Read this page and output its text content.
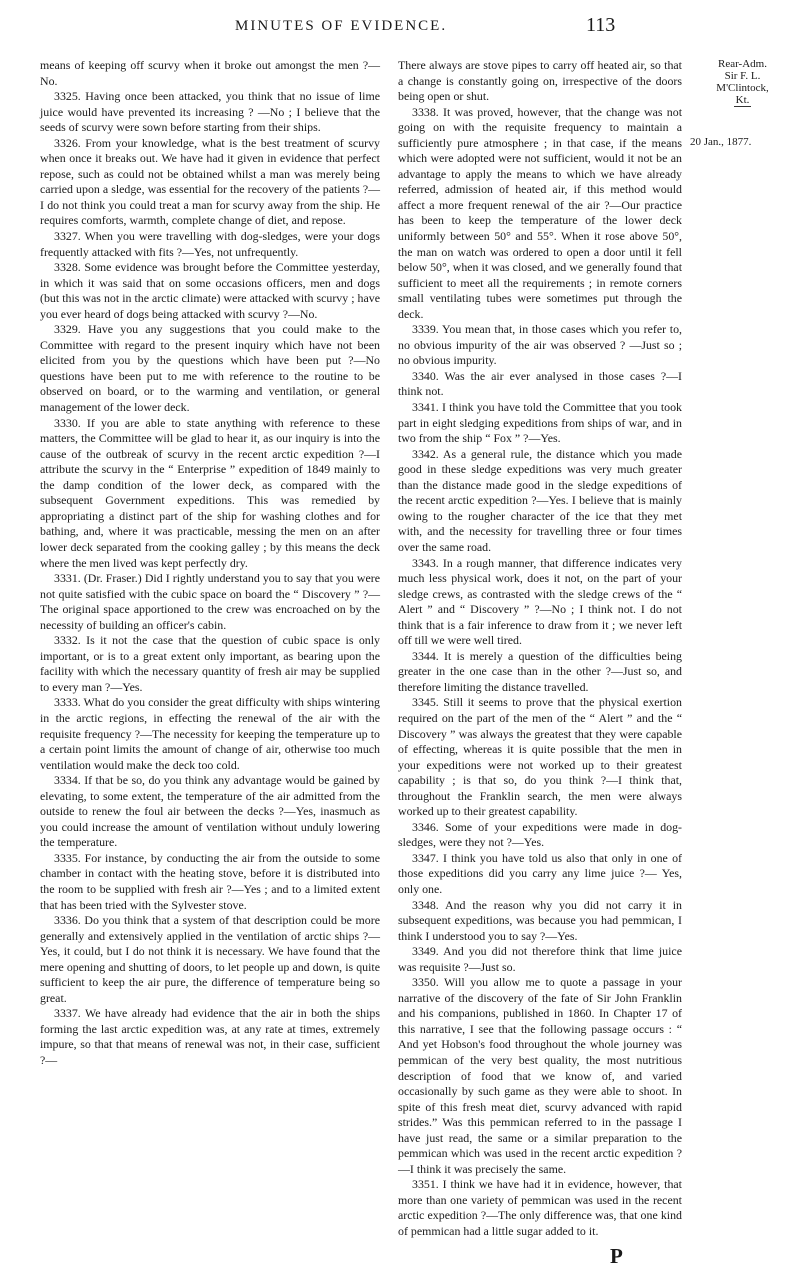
MINUTES OF EVIDENCE.	113

means of keeping off scurvy when it broke out amongst the men ?—No.

3325. Having once been attacked, you think that no issue of lime juice would have prevented its increasing ? —No ; I believe that the seeds of scurvy were sown before starting from their ships.

3326. From your knowledge, what is the best treatment of scurvy when once it breaks out. We have had it given in evidence that perfect repose, such as could not be obtained whilst a man was merely being carried upon a sledge, was essential for the recovery of the patients ?—I do not think you could treat a man for scurvy away from the ship. He requires comforts, warmth, complete change of diet, and repose.

3327. When you were travelling with dog-sledges, were your dogs frequently attacked with fits ?—Yes, not unfrequently.

3328. Some evidence was brought before the Committee yesterday, in which it was said that on some occasions officers, men and dogs (but this was not in the arctic climate) were attacked with scurvy ; have you ever heard of dogs being attacked with scurvy ?—No.

3329. Have you any suggestions that you could make to the Committee with regard to the present inquiry which have not been elicited from you by the questions which have been put ?—No questions have been put to me with reference to the routine to be observed on board, or to the warming and ventilation, or general management of the lower deck.

3330. If you are able to state anything with reference to these matters, the Committee will be glad to hear it, as our inquiry is into the cause of the outbreak of scurvy in the recent arctic expedition ?—I attribute the scurvy in the “ Enterprise ” expedition of 1849 mainly to the damp condition of the lower deck, as compared with the subsequent Government expeditions. This was remedied by appropriating a distinct part of the ship for washing clothes and for bathing, and, where it was practicable, messing the men on an after lower deck separated from the cooking galley ; by this means the deck where the men lived was kept perfectly dry.

3331. (Dr. Fraser.) Did I rightly understand you to say that you were not quite satisfied with the cubic space on board the “ Discovery ” ?—The original space apportioned to the crew was encroached on by the necessity of building an officer's cabin.

3332. Is it not the case that the question of cubic space is only important, or is to a great extent only important, as bearing upon the facility with which the necessary quantity of fresh air may be supplied to every man ?—Yes.

3333. What do you consider the great difficulty with ships wintering in the arctic regions, in effecting the renewal of the air with the requisite frequency ?—The necessity for keeping the temperature up to a certain point limits the amount of change of air, otherwise too much ventilation would make the deck too cold.

3334. If that be so, do you think any advantage would be gained by elevating, to some extent, the temperature of the air admitted from the outside to renew the foul air between the decks ?—Yes, inasmuch as you could increase the amount of ventilation without unduly lowering the temperature.

3335. For instance, by conducting the air from the outside to some chamber in contact with the heating stove, before it is distributed into the room to be supplied with fresh air ?—Yes ; and to a limited extent that has been tried with the Sylvester stove.

3336. Do you think that a system of that description could be more generally and extensively applied in the ventilation of arctic ships ?—Yes, it could, but I do not think it is necessary. We have found that the mere opening and shutting of doors, to let people up and down, is quite sufficient to keep the air pure, the difference of temperature being so great.

3337. We have already had evidence that the air in both the ships forming the last arctic expedition was, at any rate at times, extremely impure, so that that means of renewal was not, in their case, sufficient ?—

There always are stove pipes to carry off heated air, so that a change is constantly going on, irrespective of the doors being open or shut.

3338. It was proved, however, that the change was not going on with the requisite frequency to maintain a sufficiently pure atmosphere ; in that case, if the means which were adopted were not sufficient, would it not be an advantage to apply the means to which we have already referred, admission of heated air, if this method would affect a more frequent renewal of the air ?—Our practice has been to keep the temperature of the lower deck uniformly between 50° and 55°. When it rose above 50°, the man on watch was ordered to open a door until it fell below 50°, when it was closed, and we generally found that sufficient to meet all the requirements ; in remote corners small ventilating tubes were sometimes put through the deck.

3339. You mean that, in those cases which you refer to, no obvious impurity of the air was observed ? —Just so ; no obvious impurity.

3340. Was the air ever analysed in those cases ?—I think not.

3341. I think you have told the Committee that you took part in eight sledging expeditions from ships of war, and in two from the ship “ Fox ” ?—Yes.

3342. As a general rule, the distance which you made good in these sledge expeditions was very much greater than the distance made good in the sledge expeditions of the recent arctic expedition ?—Yes. I believe that is mainly owing to the rougher character of the ice that they met with, and the necessity for travelling three or four times over the same road.

3343. In a rough manner, that difference indicates very much less physical work, does it not, on the part of your sledge crews, as contrasted with the sledge crews of the “ Alert ” and “ Discovery ” ?—No ; I think not. I do not think that is a fair inference to draw from it ; we never left off till we were well tired.

3344. It is merely a question of the difficulties being greater in the one case than in the other ?—Just so, and therefore limiting the distance travelled.

3345. Still it seems to prove that the physical exertion required on the part of the men of the “ Alert ” and the “ Discovery ” was always the greatest that they were capable of effecting, whereas it is quite possible that the men in your expeditions were not worked up to their greatest capability ; is that so, do you think ?—I think that, throughout the Franklin search, the men were always worked up to their greatest capability.

3346. Some of your expeditions were made in dog-sledges, were they not ?—Yes.

3347. I think you have told us also that only in one of those expeditions did you carry any lime juice ?— Yes, only one.

3348. And the reason why you did not carry it in subsequent expeditions, was because you had pemmican, I think I understood you to say ?—Yes.

3349. And you did not therefore think that lime juice was requisite ?—Just so.

3350. Will you allow me to quote a passage in your narrative of the discovery of the fate of Sir John Franklin and his companions, published in 1860. In Chapter 17 of this narrative, I see that the following passage occurs : “ And yet Hobson's food throughout the whole journey was pemmican of the very best quality, the most nutritious description of food that we know of, and varied occasionally by such game as they were able to shoot. In spite of this fresh meat diet, scurvy advanced with rapid strides.” Was this pemmican referred to in the passage I have just read, the same or a similar preparation to the pemmican which was used in the recent arctic expedition ?—I think it was precisely the same.

3351. I think we have had it in evidence, however, that more than one variety of pemmican was used in the recent arctic expedition ?—The only difference was, that one kind of pemmican had a little sugar added to it.

Rear-Adm.
Sir F. L.
M'Clintock,
Kt.
20 Jan., 1877.
P
